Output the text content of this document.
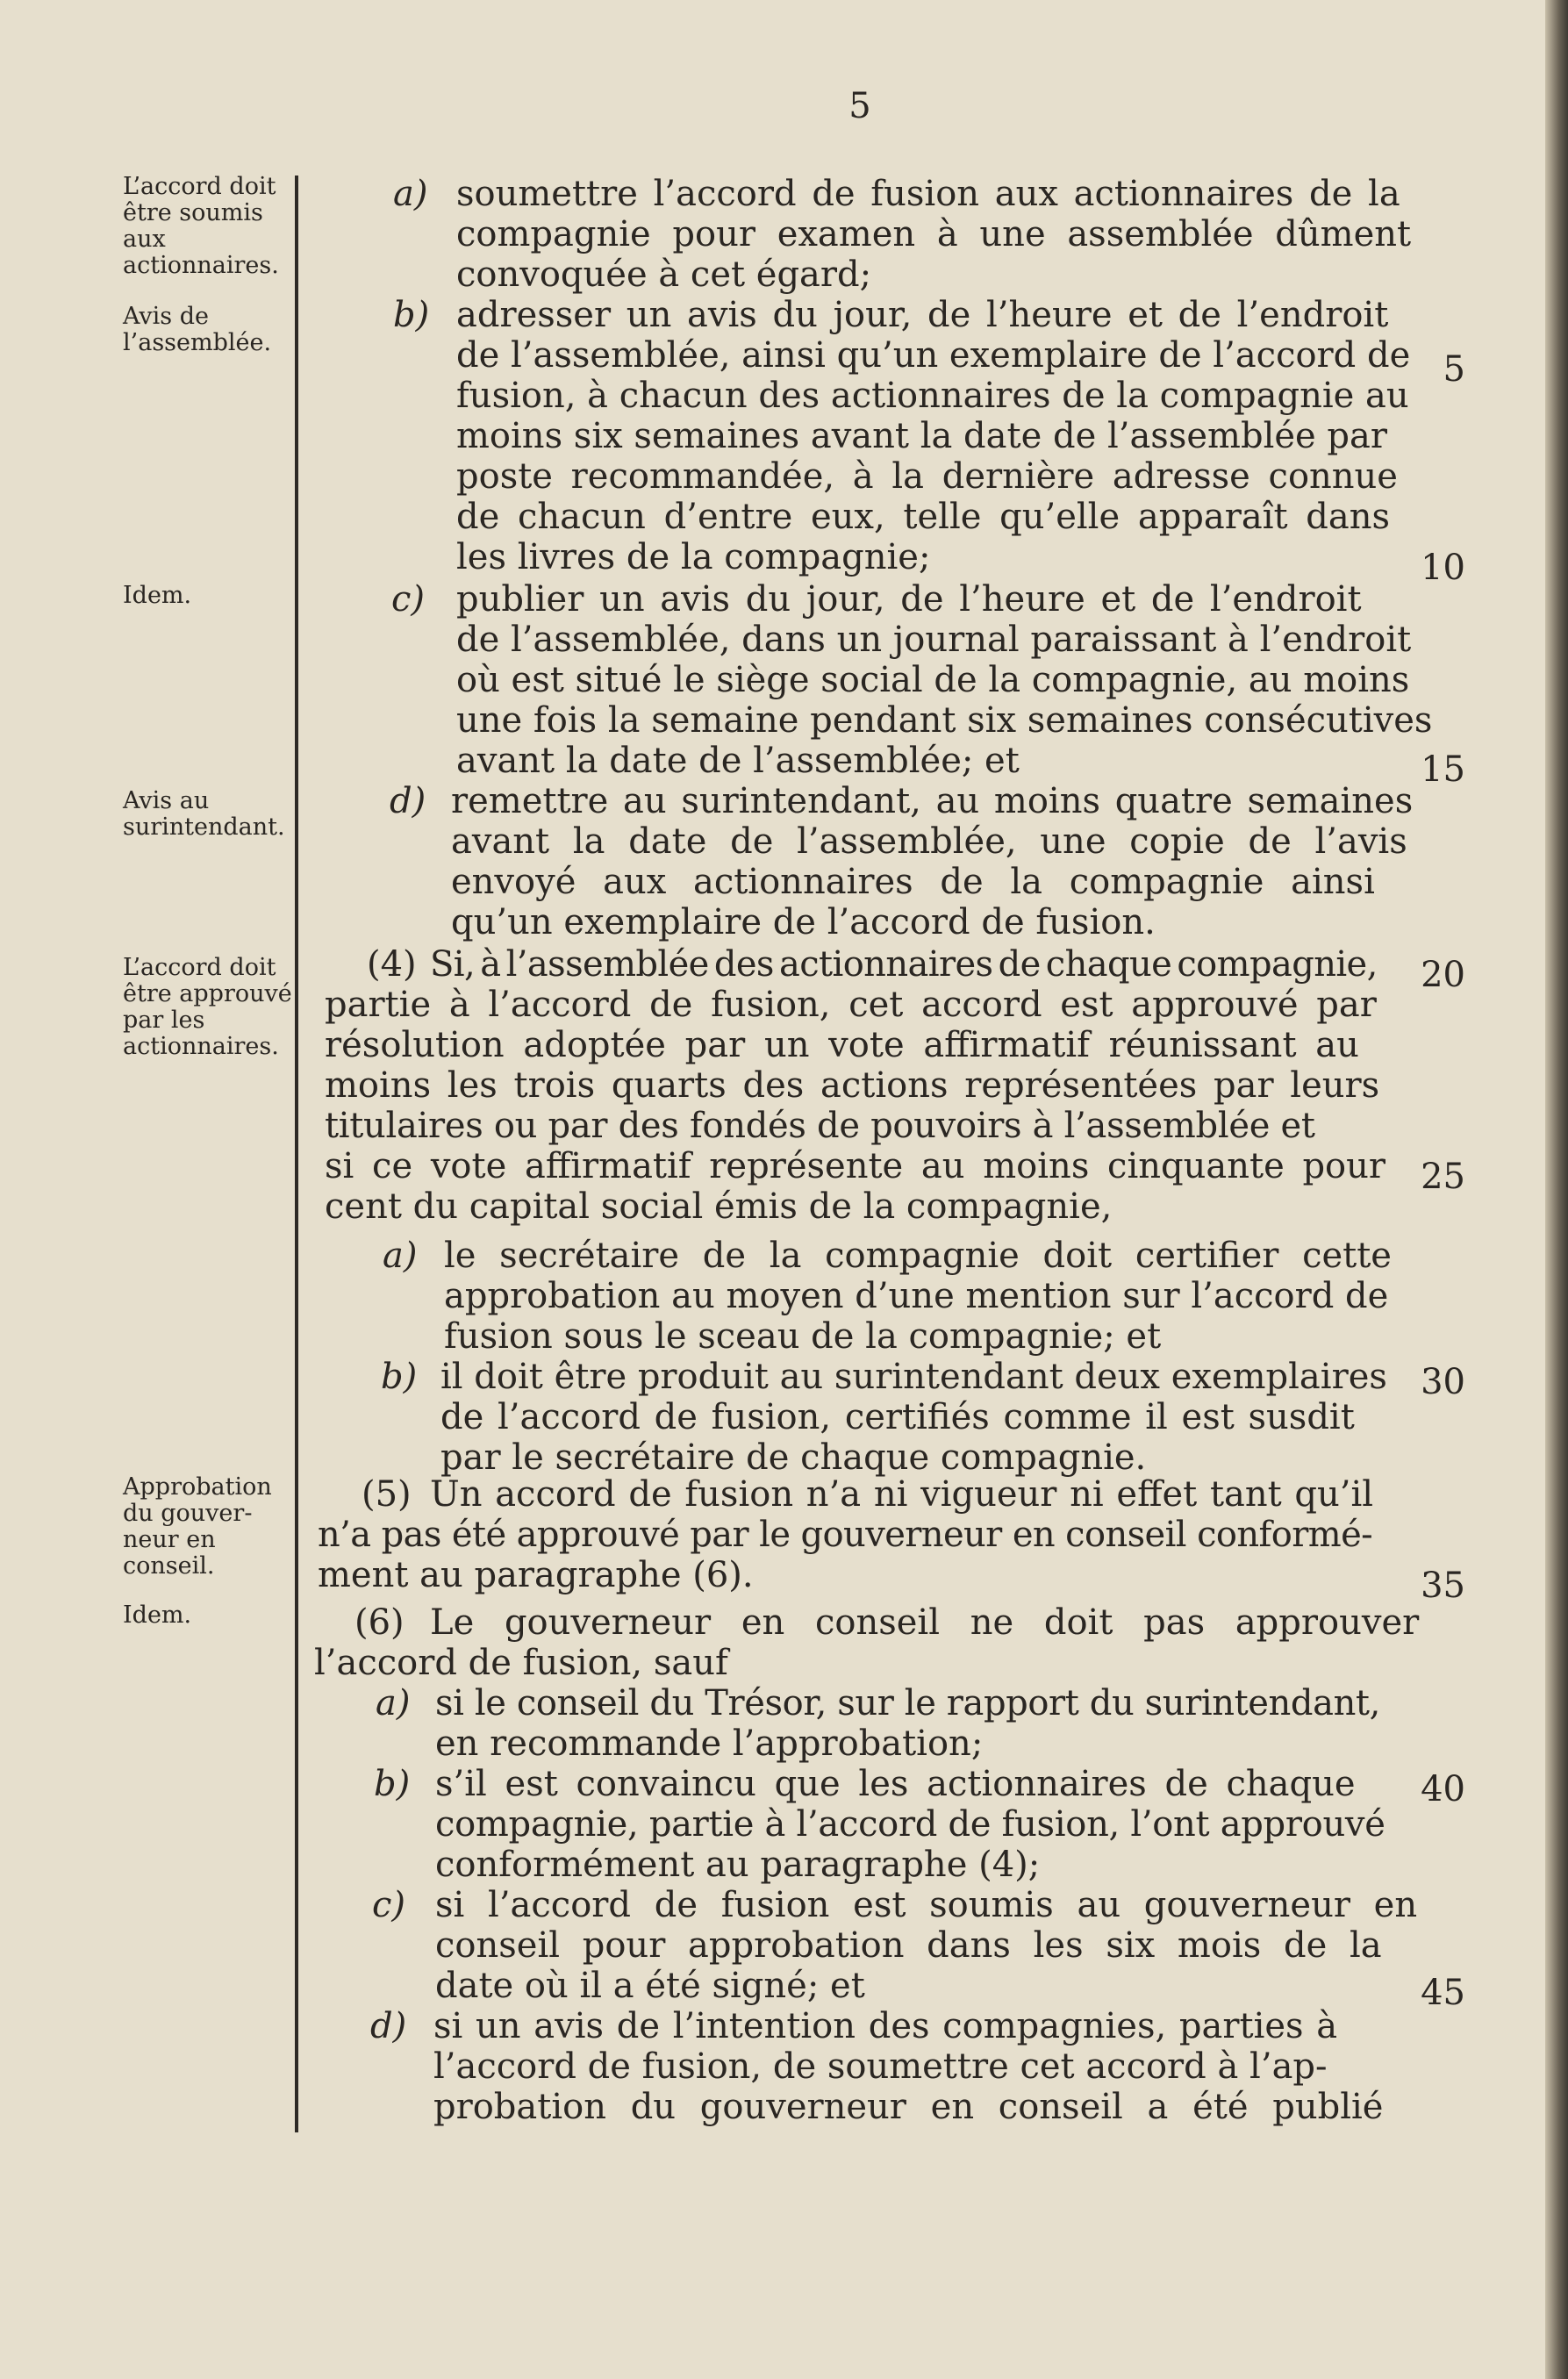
5
L’accord doit être soumis aux actionnaires.
Avis de l’assemblée.
Idem.
Avis au surintendant.
L’accord doit être approuvé par les actionnaires.
Approbation du gouver- neur en conseil.
Idem.
a)
b)
c)
d)
(4)
a)
b)
(5)
(6)
a)
b)
c)
d)
soumettre l’accord de fusion aux actionnaires de la
compagnie pour examen à une assemblée dûment
convoquée à cet égard;
adresser un avis du jour, de l’heure et de l’endroit
de l’assemblée, ainsi qu’un exemplaire de l’accord de
fusion, à chacun des actionnaires de la compagnie au
moins six semaines avant la date de l’assemblée par
poste recommandée, à la dernière adresse connue
de chacun d’entre eux, telle qu’elle apparaît dans
les livres de la compagnie;
publier un avis du jour, de l’heure et de l’endroit
de l’assemblée, dans un journal paraissant à l’endroit
où est situé le siège social de la compagnie, au moins
une fois la semaine pendant six semaines consécutives
avant la date de l’assemblée; et
remettre au surintendant, au moins quatre semaines
avant la date de l’assemblée, une copie de l’avis
envoyé aux actionnaires de la compagnie ainsi
qu’un exemplaire de l’accord de fusion.
Si, à l’assemblée des actionnaires de chaque compagnie,
partie à l’accord de fusion, cet accord est approuvé par
résolution adoptée par un vote affirmatif réunissant au
moins les trois quarts des actions représentées par leurs
titulaires ou par des fondés de pouvoirs à l’assemblée et
si ce vote affirmatif représente au moins cinquante pour
cent du capital social émis de la compagnie,
le secrétaire de la compagnie doit certifier cette
approbation au moyen d’une mention sur l’accord de
fusion sous le sceau de la compagnie; et
il doit être produit au surintendant deux exemplaires
de l’accord de fusion, certifiés comme il est susdit
par le secrétaire de chaque compagnie.
Un accord de fusion n’a ni vigueur ni effet tant qu’il
n’a pas été approuvé par le gouverneur en conseil conformé-
ment au paragraphe (6).
Le gouverneur en conseil ne doit pas approuver
l’accord de fusion, sauf
si le conseil du Trésor, sur le rapport du surintendant,
en recommande l’approbation;
s’il est convaincu que les actionnaires de chaque
compagnie, partie à l’accord de fusion, l’ont approuvé
conformément au paragraphe (4);
si l’accord de fusion est soumis au gouverneur en
conseil pour approbation dans les six mois de la
date où il a été signé; et
si un avis de l’intention des compagnies, parties à
l’accord de fusion, de soumettre cet accord à l’ap-
probation du gouverneur en conseil a été publié
5
10
15
20
25
30
35
40
45
